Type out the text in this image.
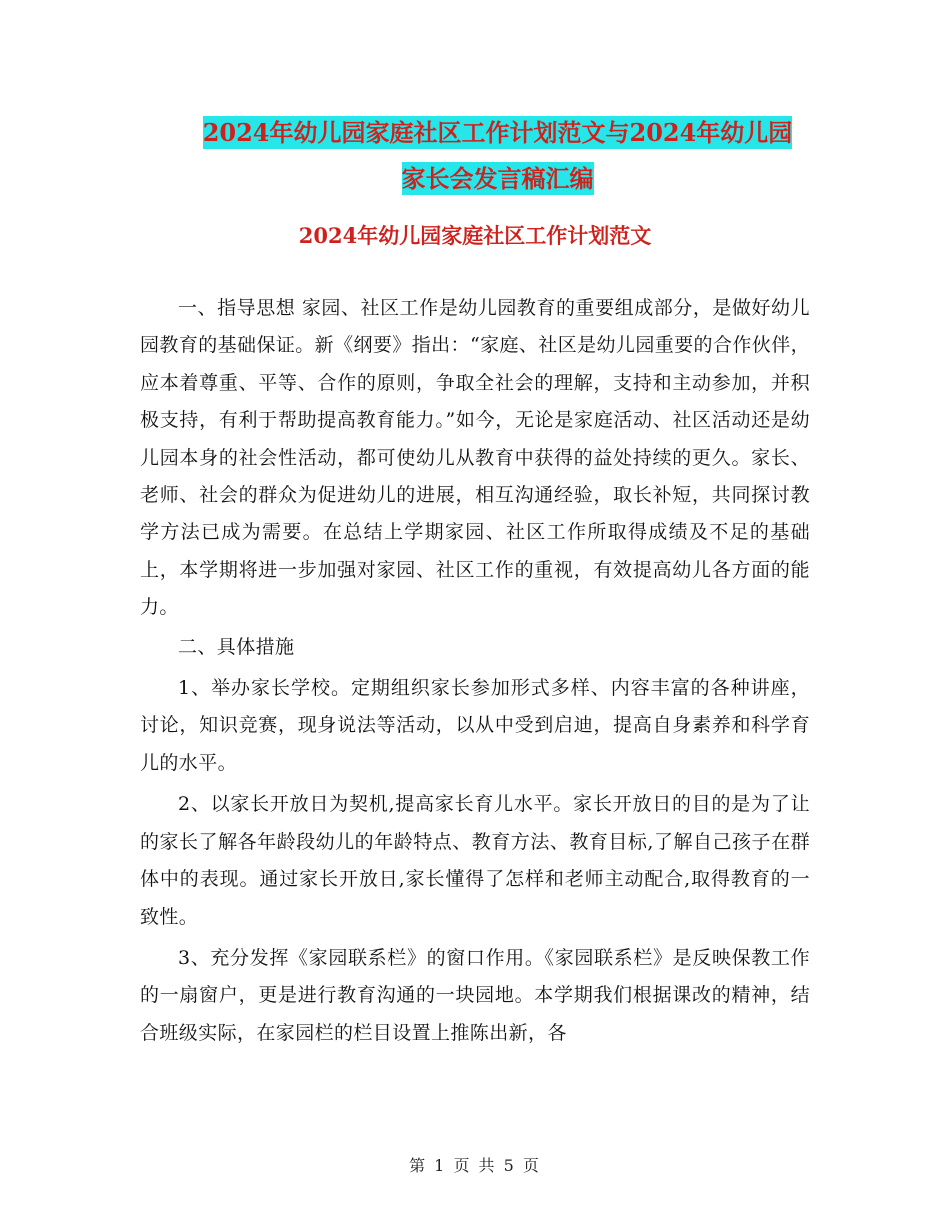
2024年幼儿园家庭社区工作计划范文与2024年幼儿园
家长会发言稿汇编
2024年幼儿园家庭社区工作计划范文

一、指导思想 家园、社区工作是幼儿园教育的重要组成部分，是做好幼儿园教育的基础保证。新《纲要》指出：“家庭、社区是幼儿园重要的合作伙伴，应本着尊重、平等、合作的原则，争取全社会的理解，支持和主动参加，并积极支持，有利于帮助提高教育能力。”如今，无论是家庭活动、社区活动还是幼儿园本身的社会性活动，都可使幼儿从教育中获得的益处持续的更久。家长、老师、社会的群众为促进幼儿的进展，相互沟通经验，取长补短，共同探讨教学方法已成为需要。在总结上学期家园、社区工作所取得成绩及不足的基础上，本学期将进一步加强对家园、社区工作的重视，有效提高幼儿各方面的能力。

二、具体措施

1、举办家长学校。定期组织家长参加形式多样、内容丰富的各种讲座，讨论，知识竞赛，现身说法等活动，以从中受到启迪，提高自身素养和科学育儿的水平。

2、以家长开放日为契机,提高家长育儿水平。家长开放日的目的是为了让的家长了解各年龄段幼儿的年龄特点、教育方法、教育目标,了解自己孩子在群体中的表现。通过家长开放日,家长懂得了怎样和老师主动配合,取得教育的一致性。

3、充分发挥《家园联系栏》的窗口作用。《家园联系栏》是反映保教工作的一扇窗户，更是进行教育沟通的一块园地。本学期我们根据课改的精神，结合班级实际，在家园栏的栏目设置上推陈出新，各

第 1 页 共 5 页
